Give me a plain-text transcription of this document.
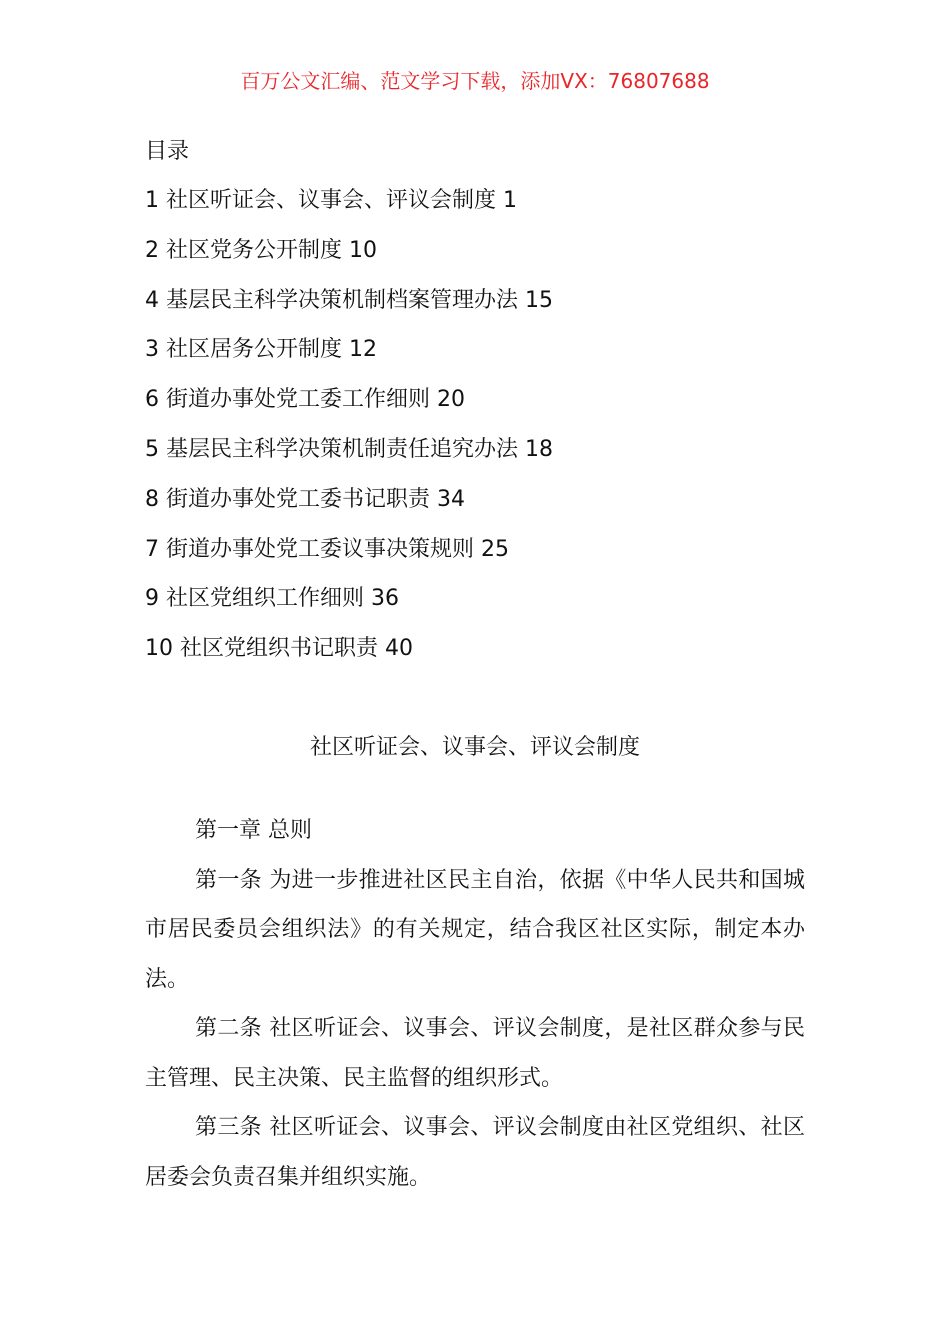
百万公文汇编、范文学习下载，添加VX：76807688
目录
1 社区听证会、议事会、评议会制度 1
2 社区党务公开制度 10
4 基层民主科学决策机制档案管理办法 15
3 社区居务公开制度 12
6 街道办事处党工委工作细则 20
5 基层民主科学决策机制责任追究办法 18
8 街道办事处党工委书记职责 34
7 街道办事处党工委议事决策规则 25
9 社区党组织工作细则 36
10 社区党组织书记职责 40
社区听证会、议事会、评议会制度

第一章 总则

第一条 为进一步推进社区民主自治，依据《中华人民共和国城市居民委员会组织法》的有关规定，结合我区社区实际，制定本办法。

第二条 社区听证会、议事会、评议会制度，是社区群众参与民主管理、民主决策、民主监督的组织形式。

第三条 社区听证会、议事会、评议会制度由社区党组织、社区居委会负责召集并组织实施。
